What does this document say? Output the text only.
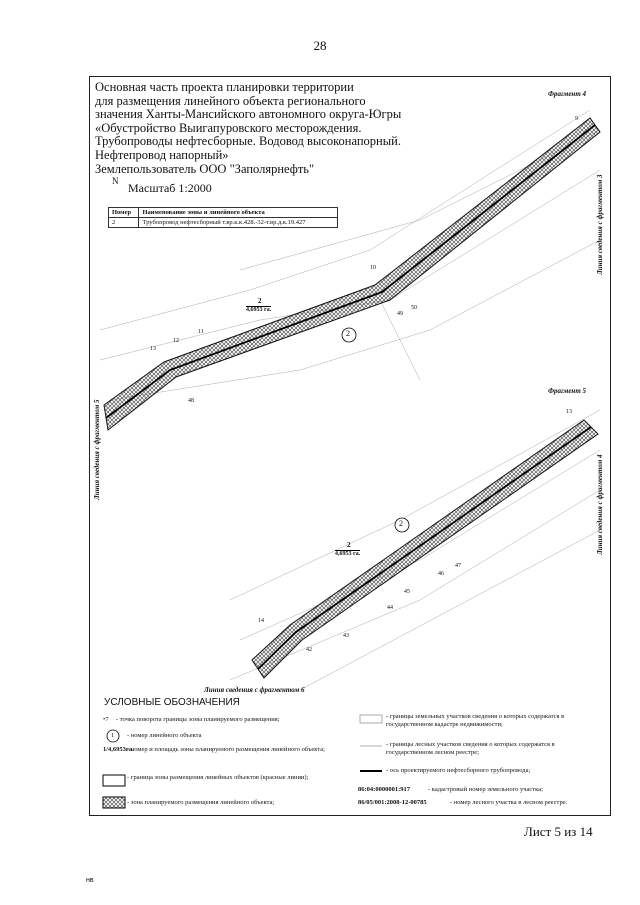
28
Основная часть проекта планировки территории
для размещения линейного объекта регионального
значения Ханты-Мансийского автономного округа-Югры
«Обустройство Выигапуровского месторождения.
Трубопроводы нефтесборные. Водовод высоконапорный.
Нефтепровод напорный»
Землепользователь ООО "Заполярнефть"
N Масштаб 1:2000
Номер	Наименование зоны и линейного объекта
2	Трубопровод нефтесборный т.вр.к.к.428.-32-т.вр.д.к.19.427
Фрагмент 4
Фрагмент 5
Линия сведения с фрагментом 3
Линия сведения с фрагментом 5
Линия сведения с фрагментом 4
Линия сведения с фрагментом 6
2
2
2
4,6953 га.
2
4,6953 га.
9
10
11
12
13
48
49
50
13
14
42
43
44
45
46
47
УСЛОВНЫЕ ОБОЗНАЧЕНИЯ
•7 - точка поворота границы зоны планируемого размещения;
1 - номер линейного объекта
1/4,6953га.
- номер и площадь зоны планируемого размещения линейного объекта;
- граница зоны размещения линейных объектов (красные линии);
- зона планируемого размещения линейного объекта;
- границы земельных участков сведения о которых содержатся в государственном кадастре недвижимости;
- границы лесных участков сведения о которых содержатся в государственном лесном реестре;
- ось проектируемого нефтесборного трубопровода;
86:04:0000001:917	- кадастровый номер земельного участка;
86/05/001:2008-12-00785	- номер лесного участка в лесном реестре.
Лист 5 из 14
нв
